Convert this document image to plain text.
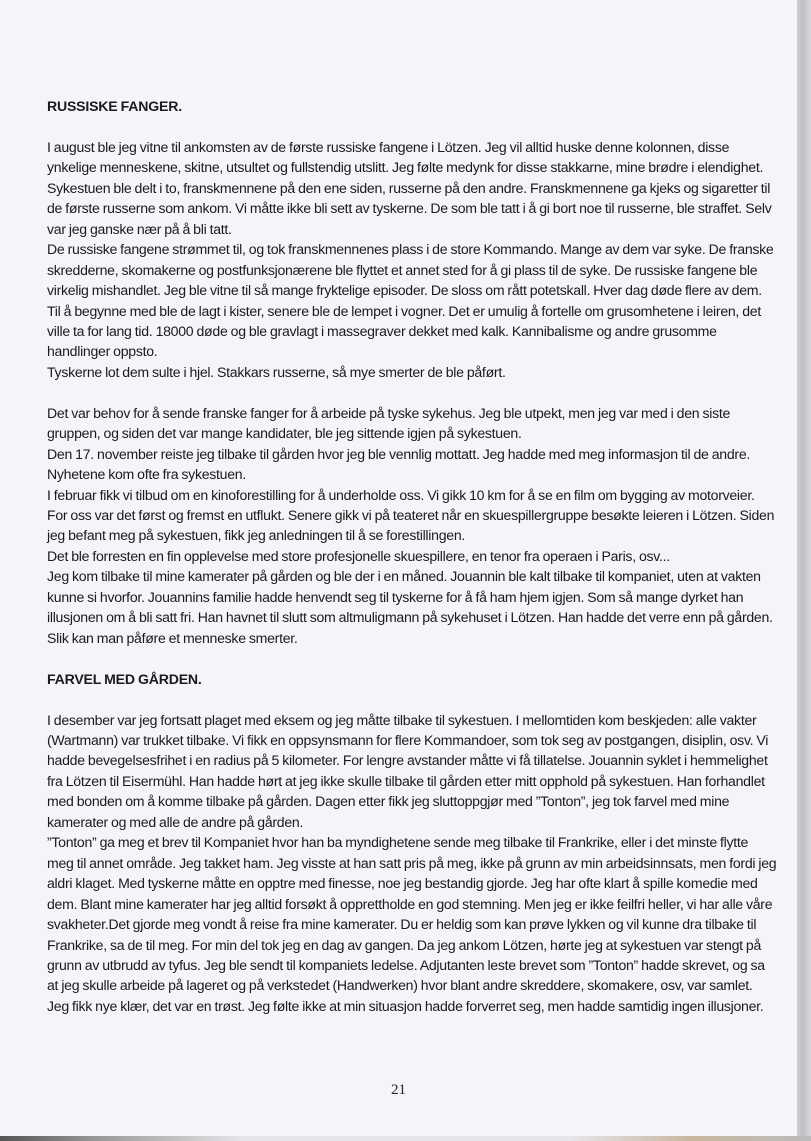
RUSSISKE FANGER.

I august ble jeg vitne til ankomsten av de første russiske fangene i Lötzen. Jeg vil alltid huske denne kolonnen, disse ynkelige menneskene, skitne, utsultet og fullstendig utslitt. Jeg følte medynk for disse stakkarne, mine brødre i elendighet.

Sykestuen ble delt i to, franskmennene på den ene siden, russerne på den andre. Franskmennene ga kjeks og sigaretter til de første russerne som ankom. Vi måtte ikke bli sett av tyskerne. De som ble tatt i å gi bort noe til russerne, ble straffet. Selv var jeg ganske nær på å bli tatt.

De russiske fangene strømmet til, og tok franskmennenes plass i de store Kommando. Mange av dem var syke. De franske skredderne, skomakerne og postfunksjonærene ble flyttet et annet sted for å gi plass til de syke. De russiske fangene ble virkelig mishandlet. Jeg ble vitne til så mange fryktelige episoder. De sloss om rått potetskall. Hver dag døde flere av dem. Til å begynne med ble de lagt i kister, senere ble de lempet i vogner. Det er umulig å fortelle om grusomhetene i leiren, det ville ta for lang tid. 18000 døde og ble gravlagt i massegraver dekket med kalk. Kannibalisme og andre grusomme handlinger oppsto.

Tyskerne lot dem sulte i hjel. Stakkars russerne, så mye smerter de ble påført.

Det var behov for å sende franske fanger for å arbeide på tyske sykehus. Jeg ble utpekt, men jeg var med i den siste gruppen, og siden det var mange kandidater, ble jeg sittende igjen på sykestuen.

Den 17. november reiste jeg tilbake til gården hvor jeg ble vennlig mottatt. Jeg hadde med meg informasjon til de andre. Nyhetene kom ofte fra sykestuen.

I februar fikk vi tilbud om en kinoforestilling for å underholde oss. Vi gikk 10 km for å se en film om bygging av motorveier. For oss var det først og fremst en utflukt. Senere gikk vi på teateret når en skuespillergruppe besøkte leieren i Lötzen. Siden jeg befant meg på sykestuen, fikk jeg anledningen til å se forestillingen.

Det ble forresten en fin opplevelse med store profesjonelle skuespillere, en tenor fra operaen i Paris, osv...

Jeg kom tilbake til mine kamerater på gården og ble der i en måned. Jouannin ble kalt tilbake til kompaniet, uten at vakten kunne si hvorfor. Jouannins familie hadde henvendt seg til tyskerne for å få ham hjem igjen. Som så mange dyrket han illusjonen om å bli satt fri. Han havnet til slutt som altmuligmann på sykehuset i Lötzen. Han hadde det verre enn på gården. Slik kan man påføre et menneske smerter.

FARVEL MED GÅRDEN.

I desember var jeg fortsatt plaget med eksem og jeg måtte tilbake til sykestuen. I mellomtiden kom beskjeden: alle vakter (Wartmann) var trukket tilbake. Vi fikk en oppsynsmann for flere Kommandoer, som tok seg av postgangen, disiplin, osv. Vi hadde bevegelsesfrihet i en radius på 5 kilometer. For lengre avstander måtte vi få tillatelse. Jouannin syklet i hemmelighet fra Lötzen til Eisermühl. Han hadde hørt at jeg ikke skulle tilbake til gården etter mitt opphold på sykestuen. Han forhandlet med bonden om å komme tilbake på gården. Dagen etter fikk jeg sluttoppgjør med ”Tonton”, jeg tok farvel med mine kamerater og med alle de andre på gården.

”Tonton” ga meg et brev til Kompaniet hvor han ba myndighetene sende meg tilbake til Frankrike, eller i det minste flytte meg til annet område. Jeg takket ham. Jeg visste at han satt pris på meg, ikke på grunn av min arbeidsinnsats, men fordi jeg aldri klaget. Med tyskerne måtte en opptre med finesse, noe jeg bestandig gjorde. Jeg har ofte klart å spille komedie med dem. Blant mine kamerater har jeg alltid forsøkt å opprettholde en god stemning. Men jeg er ikke feilfri heller, vi har alle våre svakheter.Det gjorde meg vondt å reise fra mine kamerater. Du er heldig som kan prøve lykken og vil kunne dra tilbake til Frankrike, sa de til meg. For min del tok jeg en dag av gangen. Da jeg ankom Lötzen, hørte jeg at sykestuen var stengt på grunn av utbrudd av tyfus. Jeg ble sendt til kompaniets ledelse. Adjutanten leste brevet som ”Tonton” hadde skrevet, og sa at jeg skulle arbeide på lageret og på verkstedet (Handwerken) hvor blant andre skreddere, skomakere, osv, var samlet. Jeg fikk nye klær, det var en trøst. Jeg følte ikke at min situasjon hadde forverret seg, men hadde samtidig ingen illusjoner.

21
